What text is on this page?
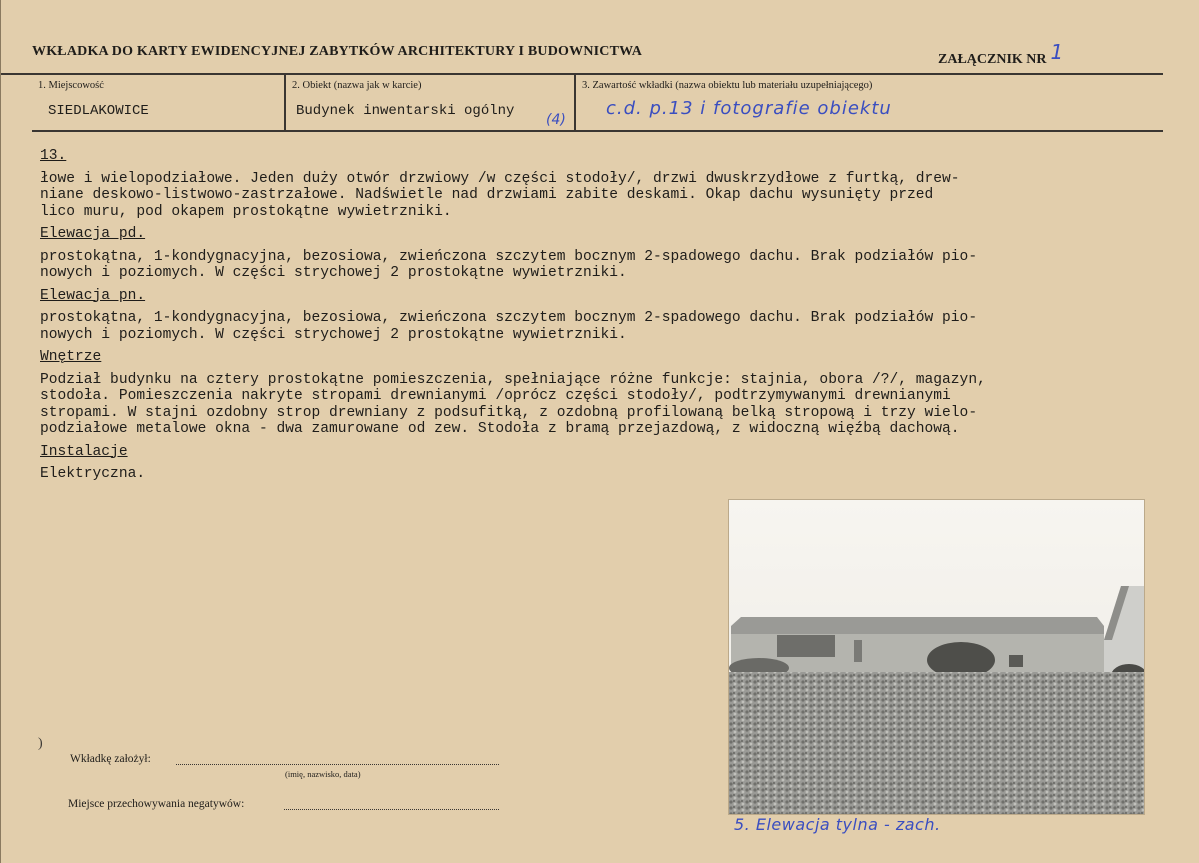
WKŁADKA DO KARTY EWIDENCYJNEJ ZABYTKÓW ARCHITEKTURY I BUDOWNICTWA
ZAŁĄCZNIK NR 1
1. Miejscowość
SIEDLAKOWICE
2. Obiekt (nazwa jak w karcie)
Budynek inwentarski ogólny
(4)
3. Zawartość wkładki (nazwa obiektu lub materiału uzupełniającego)
c.d. p.13 i fotografie obiektu

13.

łowe i wielopodziałowe. Jeden duży otwór drzwiowy /w części stodoły/, drzwi dwuskrzydłowe z furtką, drew-

niane deskowo-listwowo-zastrzałowe. Nadświetle nad drzwiami zabite deskami. Okap dachu wysunięty przed

lico muru, pod okapem prostokątne wywietrzniki.

Elewacja pd.

prostokątna, 1-kondygnacyjna, bezosiowa, zwieńczona szczytem bocznym 2-spadowego dachu. Brak podziałów pio-

nowych i poziomych. W części strychowej 2 prostokątne wywietrzniki.

Elewacja pn.

prostokątna, 1-kondygnacyjna, bezosiowa, zwieńczona szczytem bocznym 2-spadowego dachu. Brak podziałów pio-

nowych i poziomych. W części strychowej 2 prostokątne wywietrzniki.

Wnętrze

Podział budynku na cztery prostokątne pomieszczenia, spełniające różne funkcje: stajnia, obora /?/, magazyn,

stodoła. Pomieszczenia nakryte stropami drewnianymi /oprócz części stodoły/, podtrzymywanymi drewnianymi

stropami. W stajni ozdobny strop drewniany z podsufitką, z ozdobną profilowaną belką stropową i trzy wielo-

podziałowe metalowe okna - dwa zamurowane od zew. Stodoła z bramą przejazdową, z widoczną więźbą dachową.

Instalacje

Elektryczna.

5. Elewacja tylna - zach.
)
Wkładkę założył:
(imię, nazwisko, data)
Miejsce przechowywania negatywów:
